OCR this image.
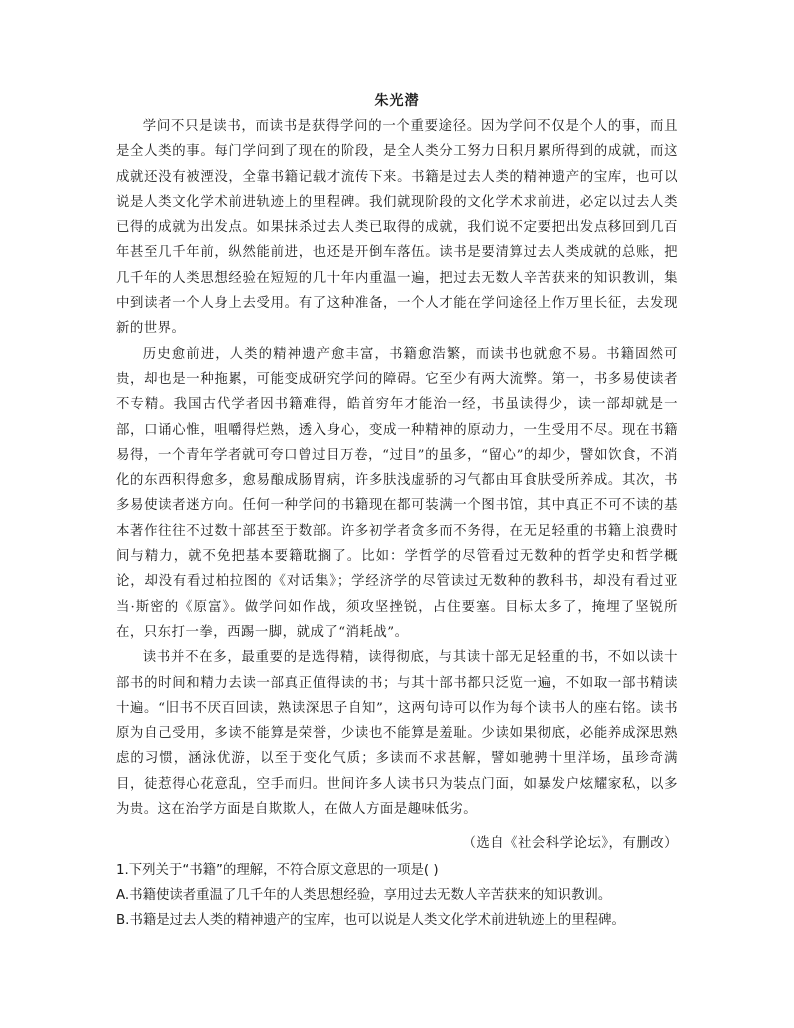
朱光潜

学问不只是读书，而读书是获得学问的一个重要途径。因为学问不仅是个人的事，而且是全人类的事。每门学问到了现在的阶段，是全人类分工努力日积月累所得到的成就，而这成就还没有被湮没，全靠书籍记载才流传下来。书籍是过去人类的精神遗产的宝库，也可以说是人类文化学术前进轨迹上的里程碑。我们就现阶段的文化学术求前进，必定以过去人类已得的成就为出发点。如果抹杀过去人类已取得的成就，我们说不定要把出发点移回到几百年甚至几千年前，纵然能前进，也还是开倒车落伍。读书是要清算过去人类成就的总账，把几千年的人类思想经验在短短的几十年内重温一遍，把过去无数人辛苦获来的知识教训，集中到读者一个人身上去受用。有了这种准备，一个人才能在学问途径上作万里长征，去发现新的世界。

历史愈前进，人类的精神遗产愈丰富，书籍愈浩繁，而读书也就愈不易。书籍固然可贵，却也是一种拖累，可能变成研究学问的障碍。它至少有两大流弊。第一，书多易使读者不专精。我国古代学者因书籍难得，皓首穷年才能治一经，书虽读得少，读一部却就是一部，口诵心惟，咀嚼得烂熟，透入身心，变成一种精神的原动力，一生受用不尽。现在书籍易得，一个青年学者就可夸口曾过目万卷，“过目”的虽多，“留心”的却少，譬如饮食，不消化的东西积得愈多，愈易酿成肠胃病，许多肤浅虚骄的习气都由耳食肤受所养成。其次，书多易使读者迷方向。任何一种学问的书籍现在都可装满一个图书馆，其中真正不可不读的基本著作往往不过数十部甚至于数部。许多初学者贪多而不务得，在无足轻重的书籍上浪费时间与精力，就不免把基本要籍耽搁了。比如：学哲学的尽管看过无数种的哲学史和哲学概论，却没有看过柏拉图的《对话集》；学经济学的尽管读过无数种的教科书，却没有看过亚当·斯密的《原富》。做学问如作战，须攻坚挫锐，占住要塞。目标太多了，掩埋了坚锐所在，只东打一拳，西踢一脚，就成了“消耗战”。

读书并不在多，最重要的是选得精，读得彻底，与其读十部无足轻重的书，不如以读十部书的时间和精力去读一部真正值得读的书；与其十部书都只泛览一遍，不如取一部书精读十遍。“旧书不厌百回读，熟读深思子自知”，这两句诗可以作为每个读书人的座右铭。读书原为自己受用，多读不能算是荣誉，少读也不能算是羞耻。少读如果彻底，必能养成深思熟虑的习惯，涵泳优游，以至于变化气质；多读而不求甚解，譬如驰骋十里洋场，虽珍奇满目，徒惹得心花意乱，空手而归。世间许多人读书只为装点门面，如暴发户炫耀家私，以多为贵。这在治学方面是自欺欺人，在做人方面是趣味低劣。

（选自《社会科学论坛》，有删改）

1.下列关于“书籍”的理解，不符合原文意思的一项是( )

A.书籍使读者重温了几千年的人类思想经验，享用过去无数人辛苦获来的知识教训。

B.书籍是过去人类的精神遗产的宝库，也可以说是人类文化学术前进轨迹上的里程碑。
